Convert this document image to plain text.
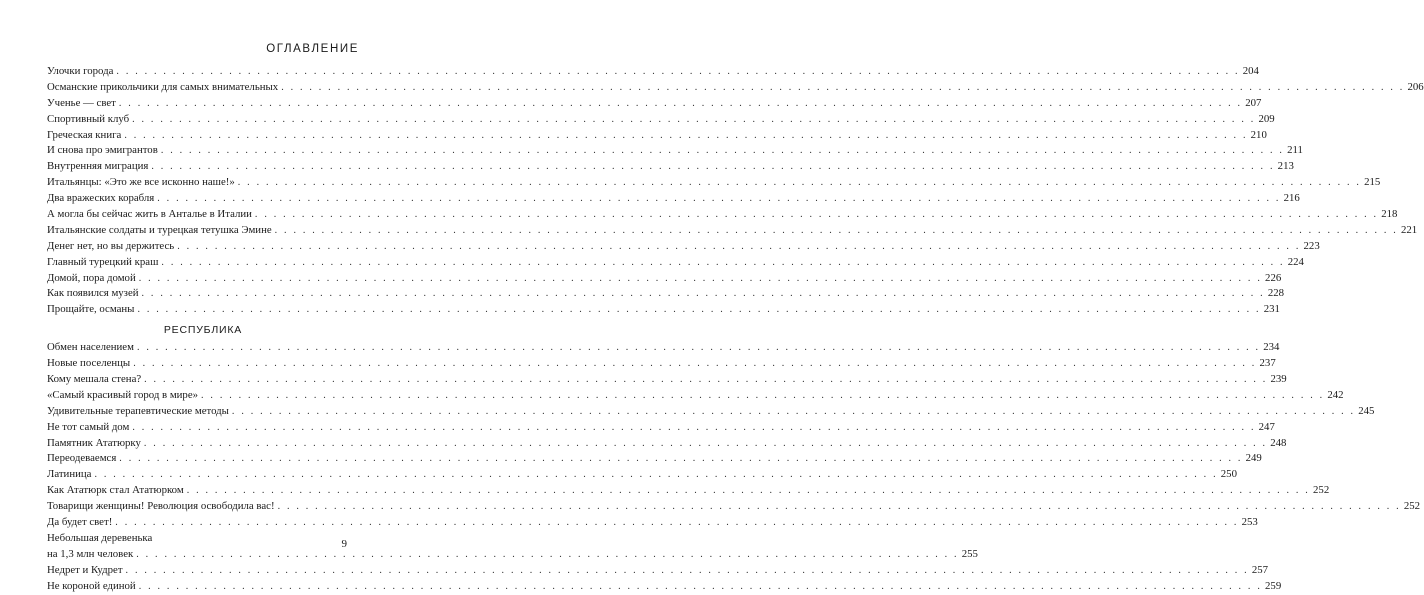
ОГЛАВЛЕНИЕ
Улочки города . . . . . . . . . . . . . . . . . . . . . . . . . . . . . . . . . . . . . . . . . . . . . . . . . . . . . . . . . . . . . . . . . . . . . . . . . . . . . . . . . . . . . . . . . . . . . . . . . . . . . . . . . . . . . . . . . . . . . . . . 204
Османские прикольчики для самых внимательных . . . . . . . . . . . . . . . . . . . . . . . . . . . . . . . . . . . . . . . . . . . . . . . . . . . . . . . . . . . . . . . . . . . . . . . . . . . . . . . . . . . . . . . . . . . . . . . . . . . . . . . . . . . . . . . . . . . . . . . . 206
Ученье — свет . . . . . . . . . . . . . . . . . . . . . . . . . . . . . . . . . . . . . . . . . . . . . . . . . . . . . . . . . . . . . . . . . . . . . . . . . . . . . . . . . . . . . . . . . . . . . . . . . . . . . . . . . . . . . . . . . . . . . . . . 207
Спортивный клуб . . . . . . . . . . . . . . . . . . . . . . . . . . . . . . . . . . . . . . . . . . . . . . . . . . . . . . . . . . . . . . . . . . . . . . . . . . . . . . . . . . . . . . . . . . . . . . . . . . . . . . . . . . . . . . . . . . . . . . . . 209
Греческая книга . . . . . . . . . . . . . . . . . . . . . . . . . . . . . . . . . . . . . . . . . . . . . . . . . . . . . . . . . . . . . . . . . . . . . . . . . . . . . . . . . . . . . . . . . . . . . . . . . . . . . . . . . . . . . . . . . . . . . . . . 210
И снова про эмигрантов . . . . . . . . . . . . . . . . . . . . . . . . . . . . . . . . . . . . . . . . . . . . . . . . . . . . . . . . . . . . . . . . . . . . . . . . . . . . . . . . . . . . . . . . . . . . . . . . . . . . . . . . . . . . . . . . . . . . . . . . 211
Внутренняя миграция . . . . . . . . . . . . . . . . . . . . . . . . . . . . . . . . . . . . . . . . . . . . . . . . . . . . . . . . . . . . . . . . . . . . . . . . . . . . . . . . . . . . . . . . . . . . . . . . . . . . . . . . . . . . . . . . . . . . . . . . 213
Итальянцы: «Это же все исконно наше!» . . . . . . . . . . . . . . . . . . . . . . . . . . . . . . . . . . . . . . . . . . . . . . . . . . . . . . . . . . . . . . . . . . . . . . . . . . . . . . . . . . . . . . . . . . . . . . . . . . . . . . . . . . . . . . . . . . . . . . . . 215
Два вражеских корабля . . . . . . . . . . . . . . . . . . . . . . . . . . . . . . . . . . . . . . . . . . . . . . . . . . . . . . . . . . . . . . . . . . . . . . . . . . . . . . . . . . . . . . . . . . . . . . . . . . . . . . . . . . . . . . . . . . . . . . . . 216
А могла бы сейчас жить в Анталье в Италии . . . . . . . . . . . . . . . . . . . . . . . . . . . . . . . . . . . . . . . . . . . . . . . . . . . . . . . . . . . . . . . . . . . . . . . . . . . . . . . . . . . . . . . . . . . . . . . . . . . . . . . . . . . . . . . . . . . . . . . . 218
Итальянские солдаты и турецкая тетушка Эмине . . . . . . . . . . . . . . . . . . . . . . . . . . . . . . . . . . . . . . . . . . . . . . . . . . . . . . . . . . . . . . . . . . . . . . . . . . . . . . . . . . . . . . . . . . . . . . . . . . . . . . . . . . . . . . . . . . . . . . . . 221
Денег нет, но вы держитесь . . . . . . . . . . . . . . . . . . . . . . . . . . . . . . . . . . . . . . . . . . . . . . . . . . . . . . . . . . . . . . . . . . . . . . . . . . . . . . . . . . . . . . . . . . . . . . . . . . . . . . . . . . . . . . . . . . . . . . . . 223
Главный турецкий краш . . . . . . . . . . . . . . . . . . . . . . . . . . . . . . . . . . . . . . . . . . . . . . . . . . . . . . . . . . . . . . . . . . . . . . . . . . . . . . . . . . . . . . . . . . . . . . . . . . . . . . . . . . . . . . . . . . . . . . . . 224
Домой, пора домой . . . . . . . . . . . . . . . . . . . . . . . . . . . . . . . . . . . . . . . . . . . . . . . . . . . . . . . . . . . . . . . . . . . . . . . . . . . . . . . . . . . . . . . . . . . . . . . . . . . . . . . . . . . . . . . . . . . . . . . . 226
Как появился музей . . . . . . . . . . . . . . . . . . . . . . . . . . . . . . . . . . . . . . . . . . . . . . . . . . . . . . . . . . . . . . . . . . . . . . . . . . . . . . . . . . . . . . . . . . . . . . . . . . . . . . . . . . . . . . . . . . . . . . . . 228
Прощайте, османы . . . . . . . . . . . . . . . . . . . . . . . . . . . . . . . . . . . . . . . . . . . . . . . . . . . . . . . . . . . . . . . . . . . . . . . . . . . . . . . . . . . . . . . . . . . . . . . . . . . . . . . . . . . . . . . . . . . . . . . . 231
РЕСПУБЛИКА
Обмен населением . . . . . . . . . . . . . . . . . . . . . . . . . . . . . . . . . . . . . . . . . . . . . . . . . . . . . . . . . . . . . . . . . . . . . . . . . . . . . . . . . . . . . . . . . . . . . . . . . . . . . . . . . . . . . . . . . . . . . . . . 234
Новые поселенцы . . . . . . . . . . . . . . . . . . . . . . . . . . . . . . . . . . . . . . . . . . . . . . . . . . . . . . . . . . . . . . . . . . . . . . . . . . . . . . . . . . . . . . . . . . . . . . . . . . . . . . . . . . . . . . . . . . . . . . . . 237
Кому мешала стена? . . . . . . . . . . . . . . . . . . . . . . . . . . . . . . . . . . . . . . . . . . . . . . . . . . . . . . . . . . . . . . . . . . . . . . . . . . . . . . . . . . . . . . . . . . . . . . . . . . . . . . . . . . . . . . . . . . . . . . . . 239
«Самый красивый город в мире» . . . . . . . . . . . . . . . . . . . . . . . . . . . . . . . . . . . . . . . . . . . . . . . . . . . . . . . . . . . . . . . . . . . . . . . . . . . . . . . . . . . . . . . . . . . . . . . . . . . . . . . . . . . . . . . . . . . . . . . . 242
Удивительные терапевтические методы . . . . . . . . . . . . . . . . . . . . . . . . . . . . . . . . . . . . . . . . . . . . . . . . . . . . . . . . . . . . . . . . . . . . . . . . . . . . . . . . . . . . . . . . . . . . . . . . . . . . . . . . . . . . . . . . . . . . . . . . 245
Не тот самый дом . . . . . . . . . . . . . . . . . . . . . . . . . . . . . . . . . . . . . . . . . . . . . . . . . . . . . . . . . . . . . . . . . . . . . . . . . . . . . . . . . . . . . . . . . . . . . . . . . . . . . . . . . . . . . . . . . . . . . . . . 247
Памятник Ататюрку . . . . . . . . . . . . . . . . . . . . . . . . . . . . . . . . . . . . . . . . . . . . . . . . . . . . . . . . . . . . . . . . . . . . . . . . . . . . . . . . . . . . . . . . . . . . . . . . . . . . . . . . . . . . . . . . . . . . . . . . 248
Переодеваемся . . . . . . . . . . . . . . . . . . . . . . . . . . . . . . . . . . . . . . . . . . . . . . . . . . . . . . . . . . . . . . . . . . . . . . . . . . . . . . . . . . . . . . . . . . . . . . . . . . . . . . . . . . . . . . . . . . . . . . . . 249
Латиница . . . . . . . . . . . . . . . . . . . . . . . . . . . . . . . . . . . . . . . . . . . . . . . . . . . . . . . . . . . . . . . . . . . . . . . . . . . . . . . . . . . . . . . . . . . . . . . . . . . . . . . . . . . . . . . . . . . . . . . . 250
Как Ататюрк стал Ататюрком . . . . . . . . . . . . . . . . . . . . . . . . . . . . . . . . . . . . . . . . . . . . . . . . . . . . . . . . . . . . . . . . . . . . . . . . . . . . . . . . . . . . . . . . . . . . . . . . . . . . . . . . . . . . . . . . . . . . . . . . 252
Товарищи женщины! Революция освободила вас! . . . . . . . . . . . . . . . . . . . . . . . . . . . . . . . . . . . . . . . . . . . . . . . . . . . . . . . . . . . . . . . . . . . . . . . . . . . . . . . . . . . . . . . . . . . . . . . . . . . . . . . . . . . . . . . . . . . . . . . . 252
Да будет свет! . . . . . . . . . . . . . . . . . . . . . . . . . . . . . . . . . . . . . . . . . . . . . . . . . . . . . . . . . . . . . . . . . . . . . . . . . . . . . . . . . . . . . . . . . . . . . . . . . . . . . . . . . . . . . . . . . . . . . . . . 253
Небольшая деревенька
на 1,3 млн человек . . . . . . . . . . . . . . . . . . . . . . . . . . . . . . . . . . . . . . . . . . . . . . . . . . . . . . . . . . . . . . . . . . . . . . . . . . . . . . . . . . . . . . . . 255
Недрет и Кудрет . . . . . . . . . . . . . . . . . . . . . . . . . . . . . . . . . . . . . . . . . . . . . . . . . . . . . . . . . . . . . . . . . . . . . . . . . . . . . . . . . . . . . . . . . . . . . . . . . . . . . . . . . . . . . . . . . . . . . . . . 257
Не короной единой . . . . . . . . . . . . . . . . . . . . . . . . . . . . . . . . . . . . . . . . . . . . . . . . . . . . . . . . . . . . . . . . . . . . . . . . . . . . . . . . . . . . . . . . . . . . . . . . . . . . . . . . . . . . . . . . . . . . . . . . 259
9
